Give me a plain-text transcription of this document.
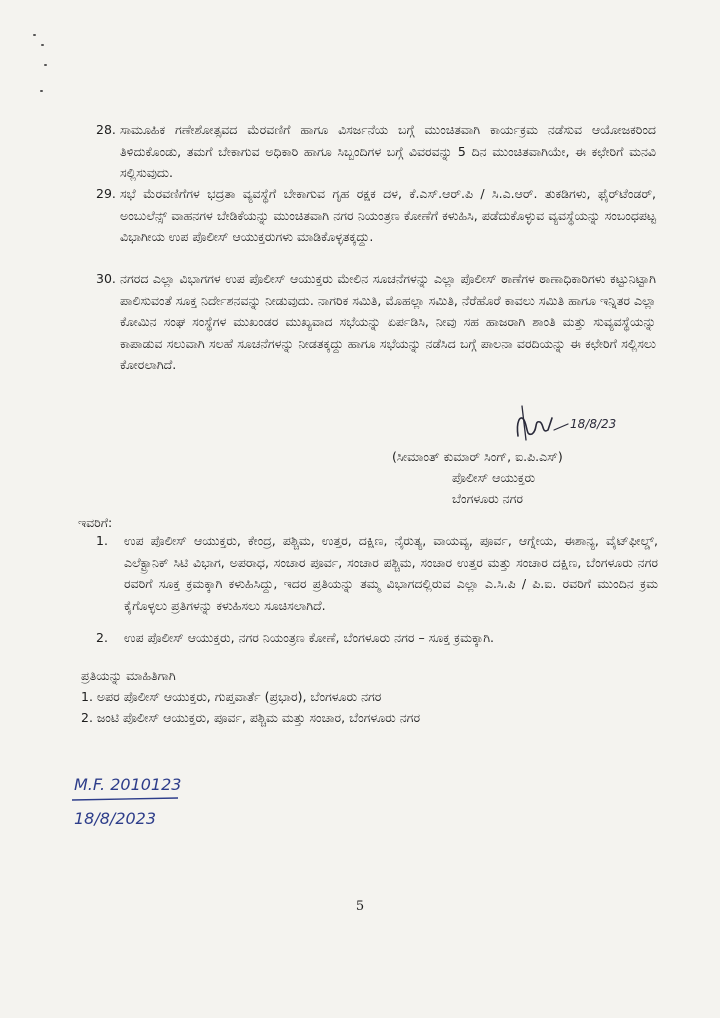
28. ಸಾಮೂಹಿಕ ಗಣೇಶೋತ್ಸವದ ಮೆರವಣಿಗೆ ಹಾಗೂ ವಿಸರ್ಜನೆಯ ಬಗ್ಗೆ ಮುಂಚಿತವಾಗಿ ಕಾರ್ಯಕ್ರಮ ನಡೆಸುವ ಆಯೋಜಕರಿಂದ ತಿಳಿದುಕೊಂಡು, ತಮಗೆ ಬೇಕಾಗುವ ಅಧಿಕಾರಿ ಹಾಗೂ ಸಿಬ್ಬಂದಿಗಳ ಬಗ್ಗೆ ವಿವರವನ್ನು 5 ದಿನ ಮುಂಚಿತವಾಗಿಯೇ, ಈ ಕಛೇರಿಗೆ ಮನವಿ ಸಲ್ಲಿಸುವುದು.
29. ಸಭೆ ಮೆರವಣಿಗೆಗಳ ಭದ್ರತಾ ವ್ಯವಸ್ಥೆಗೆ ಬೇಕಾಗುವ ಗೃಹ ರಕ್ಷಕ ದಳ, ಕೆ.ಎಸ್.ಆರ್.ಪಿ / ಸಿ.ಎ.ಆರ್. ತುಕಡಿಗಳು, ಫೈರ್‌ಟೆಂಡರ್, ಅಂಬುಲೆನ್ಸ್ ವಾಹನಗಳ ಬೇಡಿಕೆಯನ್ನು ಮುಂಚಿತವಾಗಿ ನಗರ ನಿಯಂತ್ರಣ ಕೋಣೆಗೆ ಕಳುಹಿಸಿ, ಪಡೆದುಕೊಳ್ಳುವ ವ್ಯವಸ್ಥೆಯನ್ನು ಸಂಬಂಧಪಟ್ಟ ವಿಭಾಗೀಯ ಉಪ ಪೊಲೀಸ್ ಆಯುಕ್ತರುಗಳು ಮಾಡಿಕೊಳ್ಳತಕ್ಕದ್ದು.
30. ನಗರದ ಎಲ್ಲಾ ವಿಭಾಗಗಳ ಉಪ ಪೊಲೀಸ್ ಆಯುಕ್ತರು ಮೇಲಿನ ಸೂಚನೆಗಳನ್ನು ಎಲ್ಲಾ ಪೊಲೀಸ್ ಠಾಣೆಗಳ ಠಾಣಾಧಿಕಾರಿಗಳು ಕಟ್ಟುನಿಟ್ಟಾಗಿ ಪಾಲಿಸುವಂತೆ ಸೂಕ್ತ ನಿರ್ದೇಶನವನ್ನು ನೀಡುವುದು. ನಾಗರಿಕ ಸಮಿತಿ, ಮೊಹಲ್ಲಾ ಸಮಿತಿ, ನೆರೆಹೊರೆ ಕಾವಲು ಸಮಿತಿ ಹಾಗೂ ಇನ್ನಿತರ ಎಲ್ಲಾ ಕೋಮಿನ ಸಂಘ ಸಂಸ್ಥೆಗಳ ಮುಖಂಡರ ಮುಖ್ಯವಾದ ಸಭೆಯನ್ನು ಏರ್ಪಡಿಸಿ, ನೀವು ಸಹ ಹಾಜರಾಗಿ ಶಾಂತಿ ಮತ್ತು ಸುವ್ಯವಸ್ಥೆಯನ್ನು ಕಾಪಾಡುವ ಸಲುವಾಗಿ ಸಲಹೆ ಸೂಚನೆಗಳನ್ನು ನೀಡತಕ್ಕದ್ದು ಹಾಗೂ ಸಭೆಯನ್ನು ನಡೆಸಿದ ಬಗ್ಗೆ ಪಾಲನಾ ವರದಿಯನ್ನು ಈ ಕಛೇರಿಗೆ ಸಲ್ಲಿಸಲು ಕೋರಲಾಗಿದೆ.
18/8/23
(ಸೀಮಾಂತ್ ಕುಮಾರ್ ಸಿಂಗ್, ಐ.ಪಿ.ಎಸ್)
ಪೊಲೀಸ್ ಆಯುಕ್ತರು
ಬೆಂಗಳೂರು ನಗರ
ಇವರಿಗೆ:
1. ಉಪ ಪೊಲೀಸ್ ಆಯುಕ್ತರು, ಕೇಂದ್ರ, ಪಶ್ಚಿಮ, ಉತ್ತರ, ದಕ್ಷಿಣ, ನೈರುತ್ಯ, ವಾಯವ್ಯ, ಪೂರ್ವ, ಆಗ್ನೇಯ, ಈಶಾನ್ಯ, ವೈಟ್‌ಫೀಲ್ಡ್, ಎಲೆಕ್ಟ್ರಾನಿಕ್ ಸಿಟಿ ವಿಭಾಗ, ಅಪರಾಧ, ಸಂಚಾರ ಪೂರ್ವ, ಸಂಚಾರ ಪಶ್ಚಿಮ, ಸಂಚಾರ ಉತ್ತರ ಮತ್ತು ಸಂಚಾರ ದಕ್ಷಿಣ, ಬೆಂಗಳೂರು ನಗರ ರವರಿಗೆ ಸೂಕ್ತ ಕ್ರಮಕ್ಕಾಗಿ ಕಳುಹಿಸಿದ್ದು, ಇದರ ಪ್ರತಿಯನ್ನು ತಮ್ಮ ವಿಭಾಗದಲ್ಲಿರುವ ಎಲ್ಲಾ ಎ.ಸಿ.ಪಿ / ಪಿ.ಐ. ರವರಿಗೆ ಮುಂದಿನ ಕ್ರಮ ಕೈಗೊಳ್ಳಲು ಪ್ರತಿಗಳನ್ನು ಕಳುಹಿಸಲು ಸೂಚಿಸಲಾಗಿದೆ.
2. ಉಪ ಪೊಲೀಸ್ ಆಯುಕ್ತರು, ನಗರ ನಿಯಂತ್ರಣ ಕೋಣೆ, ಬೆಂಗಳೂರು ನಗರ – ಸೂಕ್ತ ಕ್ರಮಕ್ಕಾಗಿ.
ಪ್ರತಿಯನ್ನು ಮಾಹಿತಿಗಾಗಿ
1. ಅಪರ ಪೊಲೀಸ್ ಆಯುಕ್ತರು, ಗುಪ್ತವಾರ್ತೆ (ಪ್ರಭಾರ), ಬೆಂಗಳೂರು ನಗರ
2. ಜಂಟಿ ಪೊಲೀಸ್ ಆಯುಕ್ತರು, ಪೂರ್ವ, ಪಶ್ಚಿಮ ಮತ್ತು ಸಂಚಾರ, ಬೆಂಗಳೂರು ನಗರ
M.F. 2010123
18/8/2023
5
